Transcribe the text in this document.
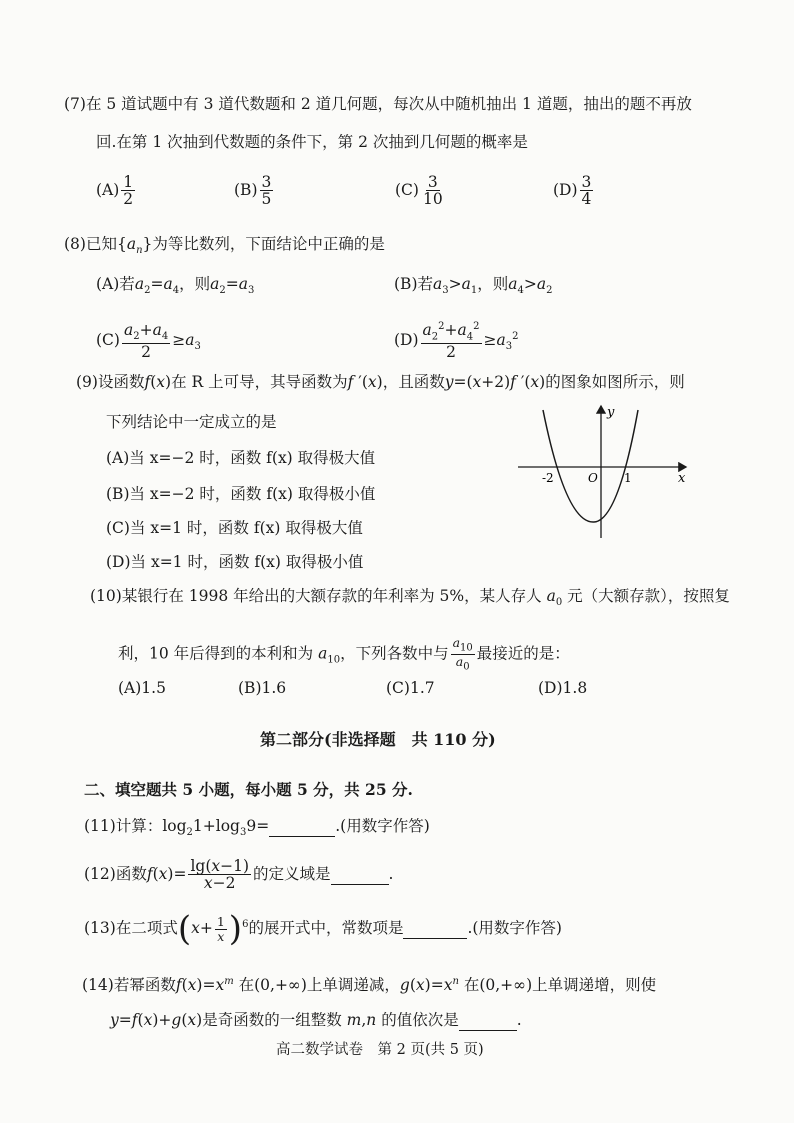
(7)在 5 道试题中有 3 道代数题和 2 道几何题，每次从中随机抽出 1 道题，抽出的题不再放
回.在第 1 次抽到代数题的条件下，第 2 次抽到几何题的概率是
$(A) \frac{1}{2}$	$(B) \frac{3}{5}$	$(C) \frac{3}{10}$	$(D) \frac{3}{4}$
(8)已知$\{a_n\}$为等比数列，下面结论中正确的是
(A)若$a_2=a_4$，则$a_2=a_3$	(B)若$a_3>a_1$，则$a_4>a_2$
$(C) \frac{a_2+a_4}{2} \ge a_3$	$(D) \frac{a_2^2+a_4^2}{2} \ge a_3^2$
(9)设函数f(x)在 R 上可导，其导函数为f ′(x)，且函数y=(x+2)f ′(x)的图象如图所示，则
下列结论中一定成立的是
(A)当 x=−2 时，函数 f(x) 取得极大值
(B)当 x=−2 时，函数 f(x) 取得极小值
(C)当 x=1 时，函数 f(x) 取得极大值
(D)当 x=1 时，函数 f(x) 取得极小值
y
x
O
-2	1
(10)某银行在 1998 年给出的大额存款的年利率为 5%，某人存人 $a_0$ 元（大额存款），按照复
利，10 年后得到的本利和为 $a_{10}$，下列各数中与 $\frac{a_{10}}{a_0}$ 最接近的是：
(A)1.5	(B)1.6	(C)1.7	(D)1.8
第二部分(非选择题　共 110 分)
二、填空题共 5 小题，每小题 5 分，共 25 分.
(11)计算：$\log_21+\log_39=$	.(用数字作答)
(12)函数$f(x)= \frac{\lg(x-1)}{x-2}$ 的定义域是	.
(13)在二项式$(x+ \frac{1}{x} )^6$的展开式中，常数项是	.(用数字作答)
(14)若幂函数$f(x)=x^m$ 在(0,+∞)上单调递减，$g(x)=x^n$ 在(0,+∞)上单调递增，则使
y=f(x)+g(x)是奇函数的一组整数 m,n 的值依次是	.
高二数学试卷　第 2 页(共 5 页)
